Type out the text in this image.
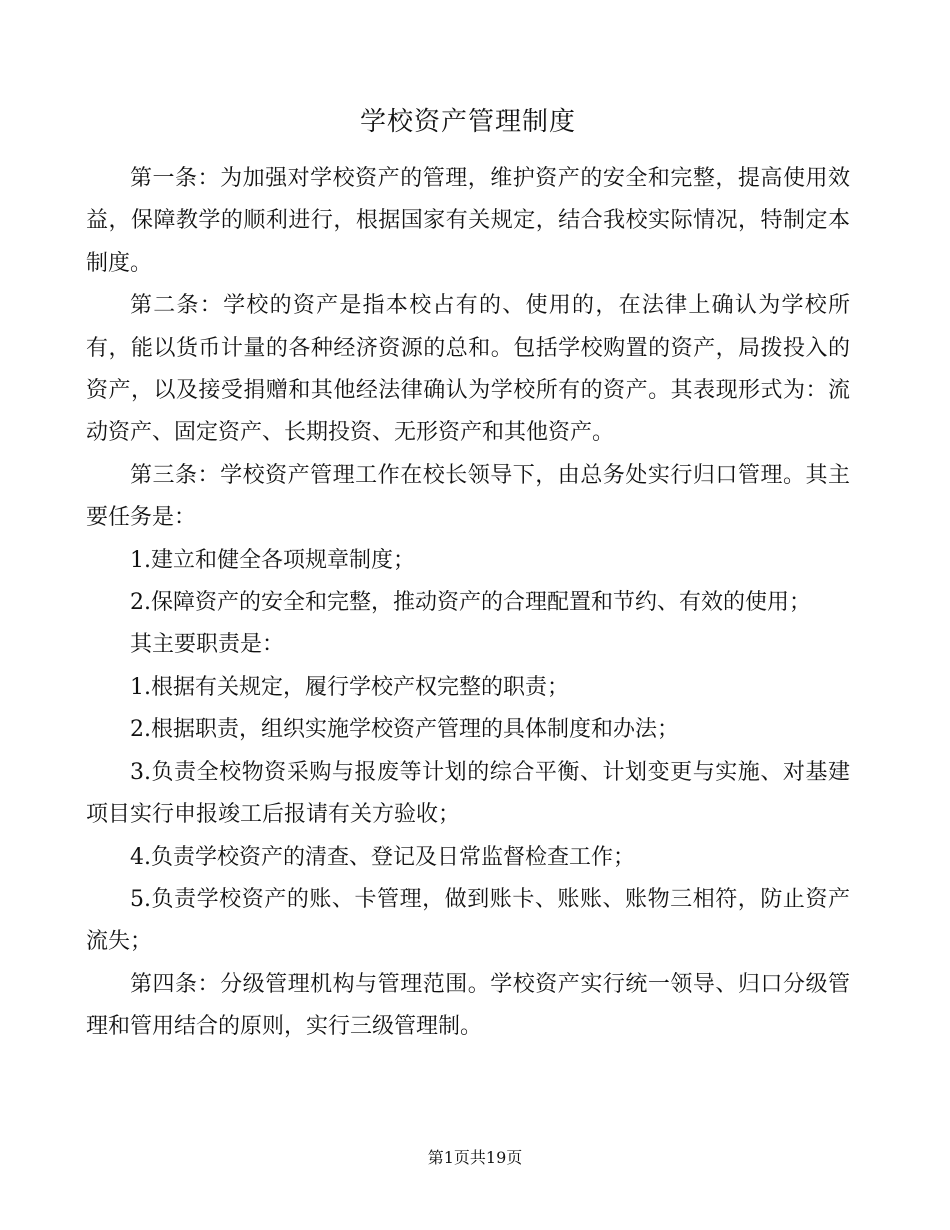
学校资产管理制度

第一条：为加强对学校资产的管理，维护资产的安全和完整，提高使用效益，保障教学的顺利进行，根据国家有关规定，结合我校实际情况，特制定本制度。

第二条：学校的资产是指本校占有的、使用的，在法律上确认为学校所有，能以货币计量的各种经济资源的总和。包括学校购置的资产，局拨投入的资产，以及接受捐赠和其他经法律确认为学校所有的资产。其表现形式为：流动资产、固定资产、长期投资、无形资产和其他资产。

第三条：学校资产管理工作在校长领导下，由总务处实行归口管理。其主要任务是：

1.建立和健全各项规章制度；

2.保障资产的安全和完整，推动资产的合理配置和节约、有效的使用；

其主要职责是：

1.根据有关规定，履行学校产权完整的职责；

2.根据职责，组织实施学校资产管理的具体制度和办法；

3.负责全校物资采购与报废等计划的综合平衡、计划变更与实施、对基建项目实行申报竣工后报请有关方验收；

4.负责学校资产的清查、登记及日常监督检查工作；

5.负责学校资产的账、卡管理，做到账卡、账账、账物三相符，防止资产流失；

第四条：分级管理机构与管理范围。学校资产实行统一领导、归口分级管理和管用结合的原则，实行三级管理制。

第1页共19页
